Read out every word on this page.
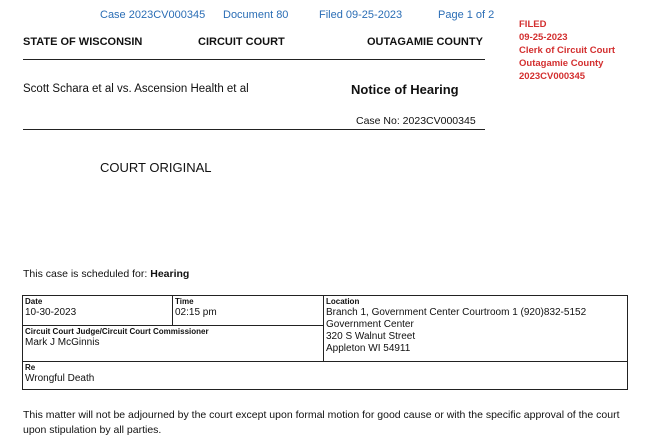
Case 2023CV000345 Document 80	Filed 09-25-2023	Page 1 of 2
FILED
09-25-2023
Clerk of Circuit Court
Outagamie County
2023CV000345
STATE OF WISCONSIN	CIRCUIT COURT	OUTAGAMIE COUNTY
Scott Schara et al vs. Ascension Health et al	Notice of Hearing
Case No: 2023CV000345
COURT ORIGINAL
This case is scheduled for: Hearing
Date
10-30-2023

Time
02:15 pm

Location
Branch 1, Government Center Courtroom 1 (920)832-5152
Government Center
320 S Walnut Street
Appleton WI 54911

Circuit Court Judge/Circuit Court Commissioner
Mark J McGinnis

Re
Wrongful Death
This matter will not be adjourned by the court except upon formal motion for good cause or with the specific approval of the court
upon stipulation by all parties.
